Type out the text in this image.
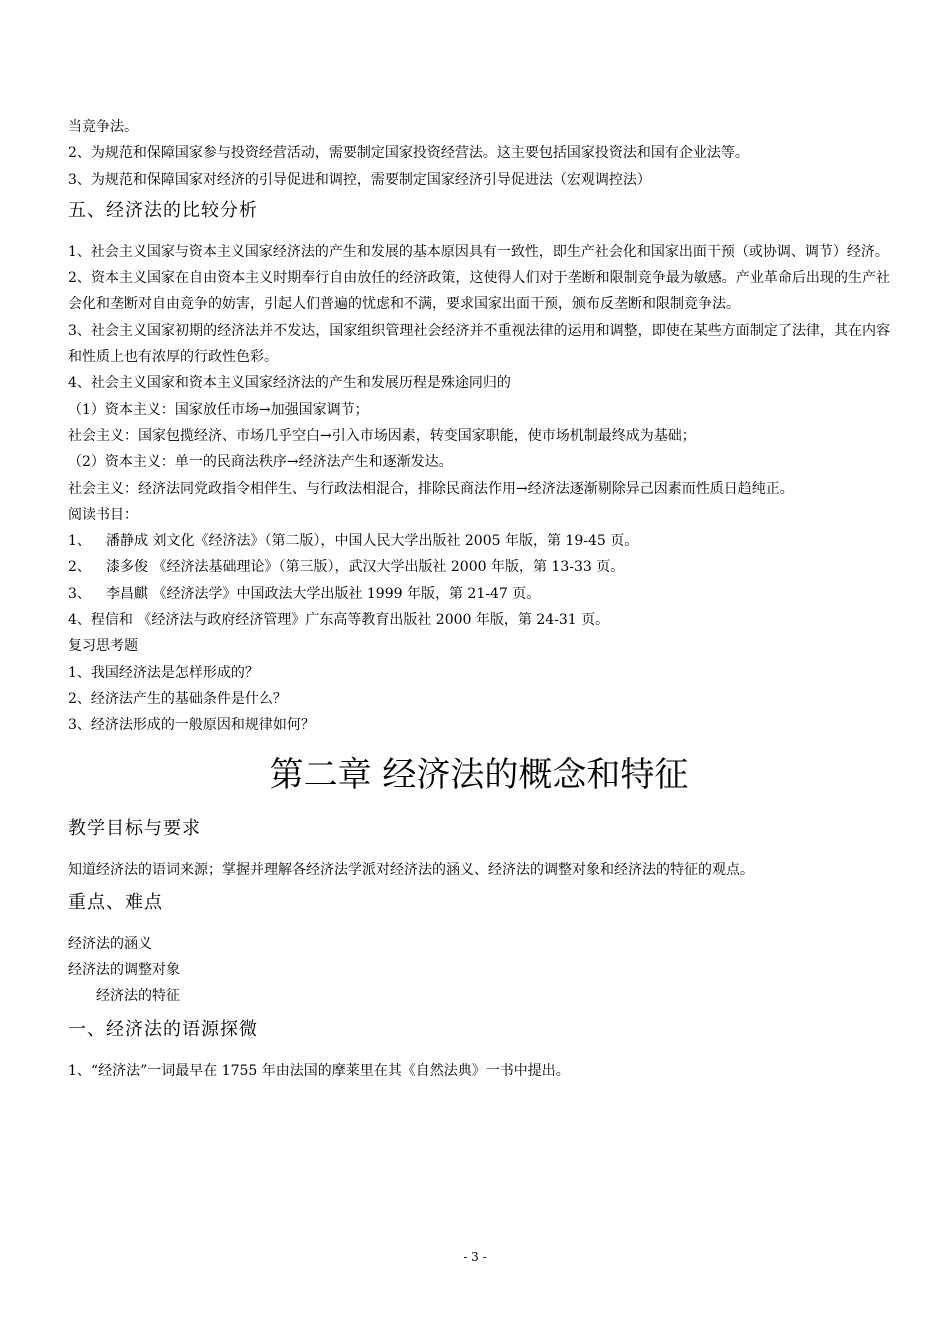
当竞争法。

2、为规范和保障国家参与投资经营活动，需要制定国家投资经营法。这主要包括国家投资法和国有企业法等。

3、为规范和保障国家对经济的引导促进和调控，需要制定国家经济引导促进法（宏观调控法）

五、经济法的比较分析

1、社会主义国家与资本主义国家经济法的产生和发展的基本原因具有一致性，即生产社会化和国家出面干预（或协调、调节）经济。

2、资本主义国家在自由资本主义时期奉行自由放任的经济政策，这使得人们对于垄断和限制竞争最为敏感。产业革命后出现的生产社会化和垄断对自由竞争的妨害，引起人们普遍的忧虑和不满，要求国家出面干预，颁布反垄断和限制竞争法。

3、社会主义国家初期的经济法并不发达，国家组织管理社会经济并不重视法律的运用和调整，即使在某些方面制定了法律，其在内容和性质上也有浓厚的行政性色彩。

4、社会主义国家和资本主义国家经济法的产生和发展历程是殊途同归的

（1）资本主义：国家放任市场→加强国家调节；

社会主义：国家包揽经济、市场几乎空白→引入市场因素，转变国家职能，使市场机制最终成为基础；

（2）资本主义：单一的民商法秩序→经济法产生和逐渐发达。

社会主义：经济法同党政指令相伴生、与行政法相混合，排除民商法作用→经济法逐渐剔除异己因素而性质日趋纯正。

阅读书目：

1、 潘静成 刘文化《经济法》（第二版），中国人民大学出版社 2005 年版，第 19-45 页。

2、 漆多俊 《经济法基础理论》（第三版），武汉大学出版社 2000 年版，第 13-33 页。

3、 李昌麒 《经济法学》中国政法大学出版社 1999 年版，第 21-47 页。

4、程信和 《经济法与政府经济管理》广东高等教育出版社 2000 年版，第 24-31 页。

复习思考题

1、我国经济法是怎样形成的？

2、经济法产生的基础条件是什么？

3、经济法形成的一般原因和规律如何？

第二章 经济法的概念和特征
教学目标与要求

知道经济法的语词来源；掌握并理解各经济法学派对经济法的涵义、经济法的调整对象和经济法的特征的观点。

重点、难点

经济法的涵义

经济法的调整对象

经济法的特征

一、经济法的语源探微

1、“经济法”一词最早在 1755 年由法国的摩莱里在其《自然法典》一书中提出。

- 3 -
